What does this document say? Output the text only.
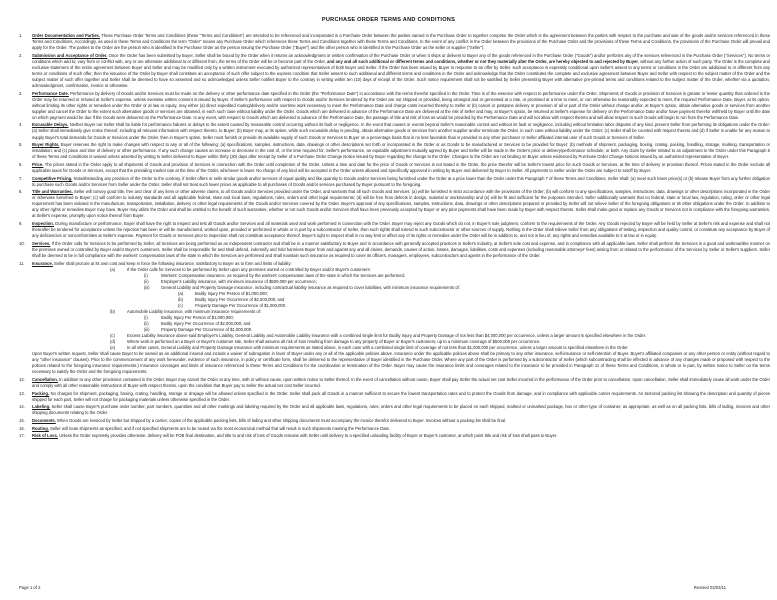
PURCHASE ORDER TERMS AND CONDITIONS

Order Documentation and Parties. These Purchase Order Terms and Conditions (these "Terms and Conditions") are intended to be referenced and incorporated in a Purchase Order between the parties named in the Purchase Order to together comprise the Order which is the agreement between the parties with respect to the purchase and sale of the goods and/or services referenced in these Terms and Conditions. Accordingly, as used in these Terms and Conditions the term "Order" means any Purchase Order which references these Terms and Conditions together with these Terms and Conditions. In the event of any conflict in the Order between the provisions of the Purchase Order and the provisions of these Terms and Conditions, the provisions of the Purchase Order will prevail and apply for the Order. The parties to the Order are the person who is identified in the Purchase Order as the person issuing the Purchase Order ("Buyer") and the other person who is identified in the Purchase Order as the seller or supplier ("Seller").

Submission and Acceptance of Order. Once the Order has been submitted by Buyer, Seller shall be bound by the Order when it returns an acknowledgment or written confirmation of the Purchase Order or when it ships or delivers to Buyer any of the goods referenced in the Purchase Order ("Goods") and/or performs any of the services referenced in the Purchase Order ("Services"). No terms or conditions which add to, vary from or conflict with, any or are otherwise additional to or different from, the terms of the Order will be or become part of the Order, and any and all such additional or different terms and conditions, whether or not they materially alter the Order, are hereby objected to and rejected by Buyer, without any further action of such party. The Order is the complete and exclusive statement of the entire agreement between Buyer and Seller and may be modified only by a written instrument executed by authorized representatives of both Buyer and Seller. If the Order has been issued by Buyer in response to an offer by Seller, such acceptance is expressly conditional upon Seller's assent to any terms or conditions in the Order are additional to or different from any terms or conditions of such offer, then the issuance of the Order by Buyer shall constitute an acceptance of such offer subject to the express condition that Seller assent to such additional and different terms and conditions in the Order and acknowledge that the Order constitutes the complete and exclusive agreement between Buyer and Seller with respect to the subject matter of the Order and the subject matter of such offer together and Seller shall be deemed to have so assented and so acknowledged unless Seller notifies Buyer to the contrary in writing within ten (10) days of receipt of the Order. Such notice requirement shall not be satisfied by Seller presenting Buyer with alternative pre-printed terms and conditions related to the subject matter of the Order, whether via a quotation, acknowledgment, confirmation, invoice or otherwise.

Performance Date. Performance by delivery of Goods and/or Services must be made on the delivery or other performance date specified in the Order (the "Performance Date") in accordance with the terms therefor specified in the Order. Time is of the essence with respect to performance under the Order. Shipments of Goods or provision of Services in greater or lesser quantity than ordered in the Order may be returned or refused at Seller's expense, unless overwise written consent is issued by Buyer. If Seller's performance with respect to Goods and/or Services tendered by the Order are not shipped or provided, being arranged and or generated at a rate, or promised at a time to meet, or can otherwise be reasonably expected to meet, the required Performance Date, Buyer, at its option, without limiting its other rights or remedies under the Order or at law or equity, may either (a) direct expedited routing/delivery and/or overtime work necessary to meet the Performance Date and charge costs incurred thereby to Seller or (b) cancel or postpone delivery or provision of all or part of the Order without change and/or, at Buyer's option, obtain alternative goods or services from another supplier and cancel the Order to the extent such alternative goods or services are obtained, in each such case without liability under the Order. Goods which are delivered in advance of the Performance Date are delivered at the risk of Seller and may, at Buyer's option, be returned at Seller's expense for delivery on the Performance Date and/or have payment therefor withheld by Buyer until the date on which payment would be due if the Goods were delivered on the Performance Date. In any event, with respect to Goods which are delivered in advance of the Performance Date, the passage of title and risk of loss as would be provided by the Performance Date and will not allow with respect thereto and will allow respect to such Goods will begin to run from the Performance Date.

Excusable Delays. Neither Buyer nor Seller shall be liable for performance failures or delays to the extent caused by reasonable control occurring without its fault or negligence. In the event that causes or events beyond Seller's reasonable control and without its fault or negligence, including without limitation labor disputes of any kind, prevent Seller from performing its obligations under the Order: (a) Seller shall immediately give notice thereof, including all relevant information with respect thereto, to Buyer; (b) Buyer may, at its option, while such excusable delay is pending, obtain alternative goods or services from another supplier and/or terminate the Order, in each case without liability under the Order; (c) Seller shall be counted with respect thereto and (d) if Seller is unable for any reason to supply Buyer's total demands for Goods or Services under the Order, then in Buyer's option, Seller must furnish or provide its available supply of such Goods or Services to Buyer on a percentage basis that in no less favorable than is provided to any other purchaser or Seller affiliated internal user of such Goods or Services of Seller.

Buyer Rights. Buyer reserves the right to make changes with respect to any or all of the following: (a) specifications, samples, instructions, data, drawings or other descriptions set forth or incorporated in the Order or as Goods to be manufactured or Services to be provided for Buyer; (b) methods of shipment, packaging, boxing, crating, packing, handling, storage, marking, transportation or installation; and (c) place and time of delivery or other performance. If any such change causes an increase or decrease in the cost of, or the time required for, Seller's performance, an equitable adjustment mutually agreed by Buyer and Seller will be made in the Order's price or delivery/performance schedule, or both. Any claim by Seller related to an adjustment to the Order under this Paragraph 5 of these Terms and Conditions is waived unless asserted by writing to Seller delivered to Buyer within thirty (30) days after receipt by Seller of a Purchase Order Change Notice issued by Buyer regarding the change to the Order. Changes to the Order are not binding on Buyer unless evidenced by Purchase Order Change Notices issued by an authorized representative of Buyer.

Price. The prices stated in the Order apply to all shipments of Goods and provision of Services in connection with the Order until completion of the Order. Unless a time and date for the price of Goods or Services is not stated in the Order, the price therefor will be Seller's lowest price for such Goods or Services, at the time of delivery or provision thereof. Prices stated in the Order exclude all applicable taxes for Goods or Services, except that the prevailing market rate at the time of the Order, whichever is lower. No charge of any kind will be accepted in the Order unless allowed and specifically approved in writing by Buyer and delivered by Buyer to Seller. All payments to Seller under the Order are subject to setoff by Buyer.

Competitive Pricing. Notwithstanding any provision of the Order to the contrary, if Seller offers or sells similar goods and/or services of equal quality and like quantity to Goods and/or Services being furnished under the Order at a price lower than the Order under this Paragraph 7 of these Terms and Conditions, Seller shall: (a) meet such lower price(s) or (b) release Buyer from any further obligation to purchase such Goods and/or Services from Seller under the Order. Seller shall not treat such lower prices as applicable to all purchases of Goods and/or services purchased by Buyer pursuant to the foregoing.

Title and Warranties. Seller will convey good title, free and clear of any liens or other adverse claims, to all Goods and/or Services provided under the Order, and warrants that all such Goods and Services: (a) will be furnished in strict accordance with the provisions of the Order; (b) will conform to any specifications, samples, instructions, data, drawings or other descriptions incorporated in the Order or otherwise furnished to Buyer; (c) will conform to industry standards and all applicable federal, state and local laws, regulations, rules, orders and other legal requirements; (d) will be free from defects in design, material or workmanship and (e) will be fit and sufficient for the purposes intended. Seller additionally warrants that no federal, state or local law, regulation, ruling, order or other legal requirement has been violated in the manufacture, transportation, installation, delivery or other legal requirements of the Goods and/or Services covered by the Order. Buyer's approval of any specifications, samples, instructions, data, drawings or other descriptions prepared or provided by Seller will not relieve Seller of the foregoing obligations or its other obligations under the Order. In addition to any other rights or remedies Buyer may have, Buyer may utilize the Order and shall be entitled to the benefit of such warranties, whether or not such Goods and/or Services shall have been previously accepted by Buyer or any prior payments shall have been made by Buyer with respect thereto. Seller shall make good or replace any Goods or Services not in compliance with the foregoing warranties, at Seller's expense, promptly upon notice thereof from Buyer.

Inspection. During manufacture or performance, Buyer shall have the right to inspect and test all Goods and/or Services and all materials used and work performed in connection with the Order. Buyer may reject any Goods which do not, in Buyer's sole judgment, conform to the requirements of the Order. Any Goods rejected by Buyer will be held by Seller at Seller's risk and expense and shall not thereafter be tendered for acceptance unless the rejection has been or will be manufactured, worked upon, provided or performed in whole or in part by a subcontractor of Seller, then such rights shall extend to such subcontractor or other sources of supply. Nothing in the Order shall relieve Seller from any obligations of testing, inspection and quality control, or constitute any acceptance by Buyer of any deficiencies or nonconformities at Seller's expense. Payment for Goods or Services prior to inspection shall not constitute acceptance thereof. Buyer's right to inspect shall in no way limit or affect any of its rights or remedies under the Order will be in addition to, and not in lieu of, any rights and remedies available to it at law or in equity.

Services. If the Order calls for Services to be performed by Seller, all Services are being performed as an independent contractor and shall be in a manner satisfactory to Buyer and in accordance with generally accepted practices in Seller's industry, at Seller's sole cost and expense, and in compliance with all applicable laws. Seller shall perform the Services in a good and workmanlike manner on the premises owned or controlled by Buyer and/or Buyer's customers. Seller shall be responsible for and shall defend, indemnify and hold harmless Buyer from and against any and all claims, demands, causes of action, losses, damages, liabilities, costs and expenses (including reasonable attorneys' fees) arising from or related to the performance of the Services by Seller or Seller's suppliers. Seller shall be deemed to be in full compliance with the workers' compensation laws of the state in which the Services are performed and shall maintain such insurance as required to cover its officers, managers, employees, subcontractors and agents in the performance of the Order.

Insurance. Seller shall procure at its own cost and keep in force the following insurance, satisfactory to Buyer as to form and limits of liability:

(a)	If the Order calls for Services to be performed by Seller upon any premises owned or controlled by Buyer and/or Buyer's customers:
(i)	Workers' Compensation insurance, as required by the workers' compensation laws of the state in which the Services are performed;
(ii)	Employer's Liability insurance, with minimum insurance of $500,000 per occurrence;
(iii)	General Liability and Property Damage insurance, including contractual liability insurance as required to cover liabilities, with minimum insurance requirements of:
(a)	Bodily Injury Per Person of $1,000,000;
(b)	Bodily Injury Per Occurrence of $2,000,000; and
(c)	Property Damage Per Occurrence of $1,000,000.
(b)	Automobile Liability insurance, with minimum insurance requirements of:
(i)	Bodily Injury Per Person of $1,000,000;
(ii)	Bodily Injury Per Occurrence of $2,000,000; and
(iii)	Property Damage Per Occurrence of $1,000,000.
(c)	Excess Liability insurance above said Employer's Liability, General Liability and Automobile Liability insurance with a combined single limit for Bodily Injury and Property Damage of not less than $4,000,000 per occurrence, unless a larger amount is specified elsewhere in the Order.
(d)	Where work is performed on a Buyer or Buyer's customer site, Seller shall assume all risk of loss resulting from damage to any property of Buyer or Buyer's customers, up to a minimum coverage of $500,000 per occurrence.
(e)	In all other cases, General Liability and Property Damage insurance with minimum requirements as stated above, in each case with a combined single limit of coverage of not less than $1,000,000 per occurrence, unless a larger amount is specified elsewhere in the Order.

Upon Buyer's written request, Seller shall cause Buyer to be named as an additional insured and include a waiver of subrogation in favor of Buyer under any or all of the applicable policies above. Insurance under the applicable policies above shall be primary to any other insurance, self-insurance or self-retention of Buyer. Buyer's affiliated companies or any other person or entity (without regard to any "other insurance" clauses). Prior to the commencement of any work hereunder, evidence of such insurance, in policy or certificate form, shall be delivered to the representative of Buyer identified in the Purchase Order. Where any part of the Order is performed by a subcontractor of Seller (which subcontracting shall be effected in advance of any changes made or proposed with respect to the policies related to the foregoing insurance requirements.) Insurance coverages and limits of insurance referenced in these Terms and Conditions for the coordination or termination of the Order. Buyer may cause the insurance limits and coverages related to the insurance to be provided in Paragraph 11 of these Terms and Conditions, in whole or in part, by written notice to Seller on the terms necessary to satisfy the Order and the foregoing requirements.

Cancellation. In addition to any other provisions contained in the Order, Buyer may cancel the Order at any time, with or without cause, upon written notice to Seller thereof. In the event of cancellation without cause, Buyer shall pay Seller the actual net cost Seller incurred in the performance of the Order prior to cancellation. Upon cancellation, Seller shall immediately cease all work under the Order and comply with all other reasonable instructions of Buyer with respect thereto, upon the condition that Buyer pay to Seller the actual net cost Seller incurred.

Packing. No charges for shipment, packaging, boxing, crating, handling, storage or drayage will be allowed unless specified in the Order. Seller shall pack all Goods in a manner sufficient to secure the lowest transportation rates and to protect the Goods from damage, and in compliance with applicable carrier requirements. An itemized packing list showing the description and quantity of pieces shipped for each part, Seller will not charge for packaging materials unless otherwise specified in the Order.

Labeling. Seller shall cause Buyer's purchase order number, part numbers, quantities and all other markings and labeling required by the Order and all applicable laws, regulations, rules, orders and other legal requirements to be placed on each shipped, marked or unmarked package, box or other type of container, as appropriate, as well as on all packing lists, bills of lading, invoices and other shipping documents relating to the Order.

Documents. When Goods are invoiced by Seller but shipped by a carrier, copies of the applicable packing lists, bills of lading and other shipping documents must accompany the invoice therefor delivered to Buyer. Invoices without a packing list shall be final.

Routing. Seller will route shipments as specified, and if not specified shipments are to be routed via the most economical method that will result in such shipments meeting the Performance Date.

Risk of Loss. Unless the Order expressly provides otherwise, delivery will be FOB final destination, and title to and risk of loss of Goods remains with Seller until delivery to a specified unloading facility of Buyer or Buyer's customer, at which point title and risk of loss shall pass to Buyer.

Page 1 of 2	Revised 02/03/11
